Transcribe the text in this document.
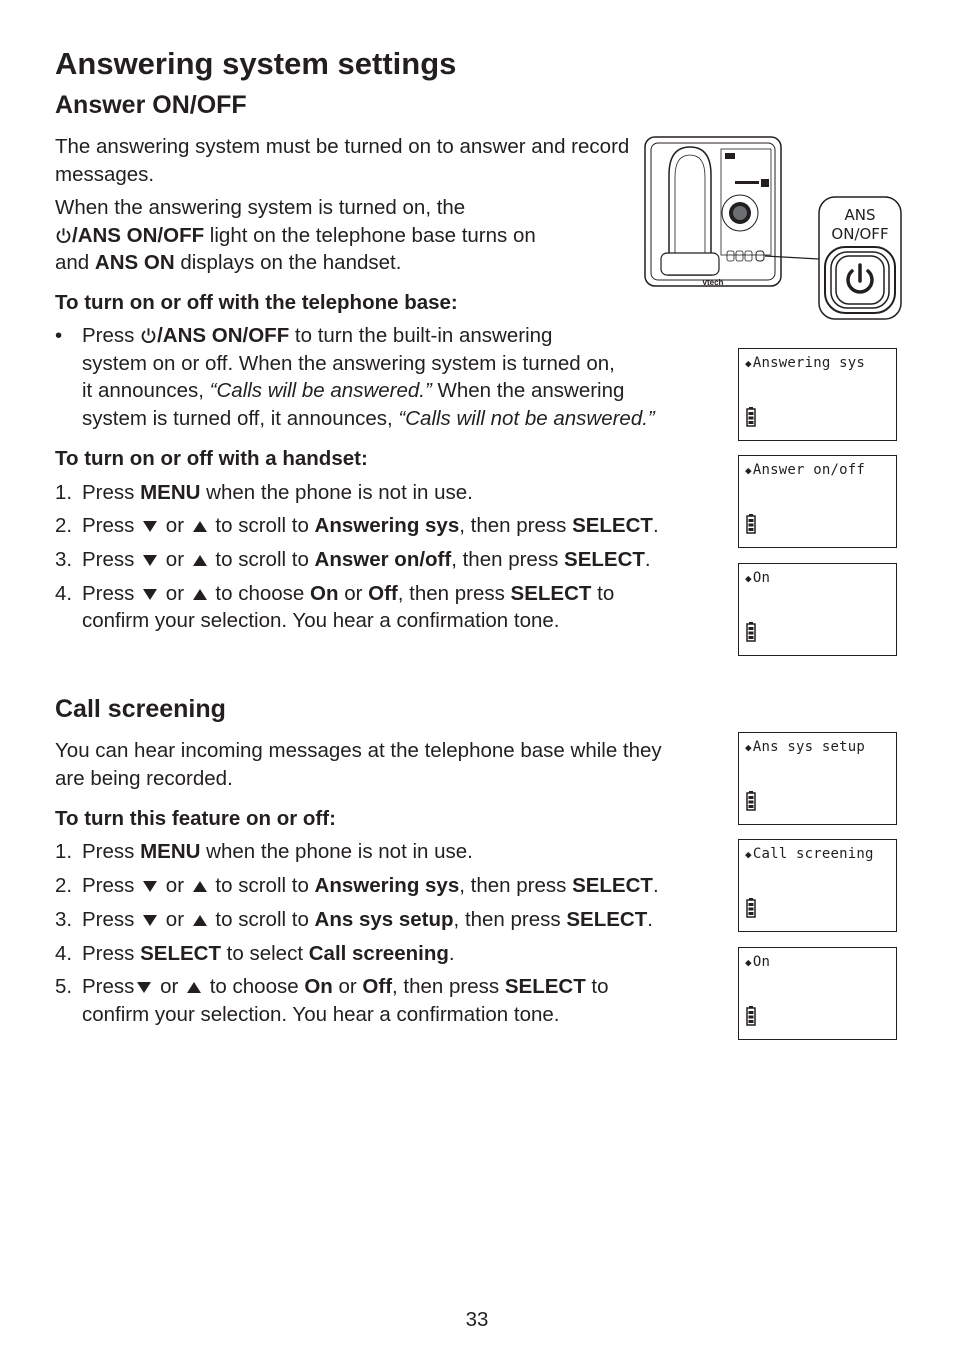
Answering system settings
Answer ON/OFF

The answering system must be turned on to answer and record messages.

When the answering system is turned on, the
/ANS ON/OFF light on the telephone base turns on
and ANS ON displays on the handset.
To turn on or off with the telephone base:
• Press /ANS ON/OFF to turn the built-in answering
system on or off. When the answering system is turned on,
it announces, “Calls will be answered.” When the answering
system is turned off, it announces, “Calls will not be answered.”
To turn on or off with a handset:
1. Press MENU when the phone is not in use.
2. Press  or  to scroll to Answering sys, then press SELECT.
3. Press  or  to scroll to Answer on/off, then press SELECT.
4. Press  or  to choose On or Off, then press SELECT to
confirm your selection. You hear a confirmation tone.
vtech
ANS
ON/OFF
◆Answering sys
◆Answer on/off
◆On
Call screening

You can hear incoming messages at the telephone base while they are being recorded.

To turn this feature on or off:
1. Press MENU when the phone is not in use.
2. Press  or  to scroll to Answering sys, then press SELECT.
3. Press  or  to scroll to Ans sys setup, then press SELECT.
4. Press SELECT to select Call screening.
5. Press or  to choose On or Off, then press SELECT to
confirm your selection. You hear a confirmation tone.
◆Ans sys setup
◆Call screening
◆On
33
